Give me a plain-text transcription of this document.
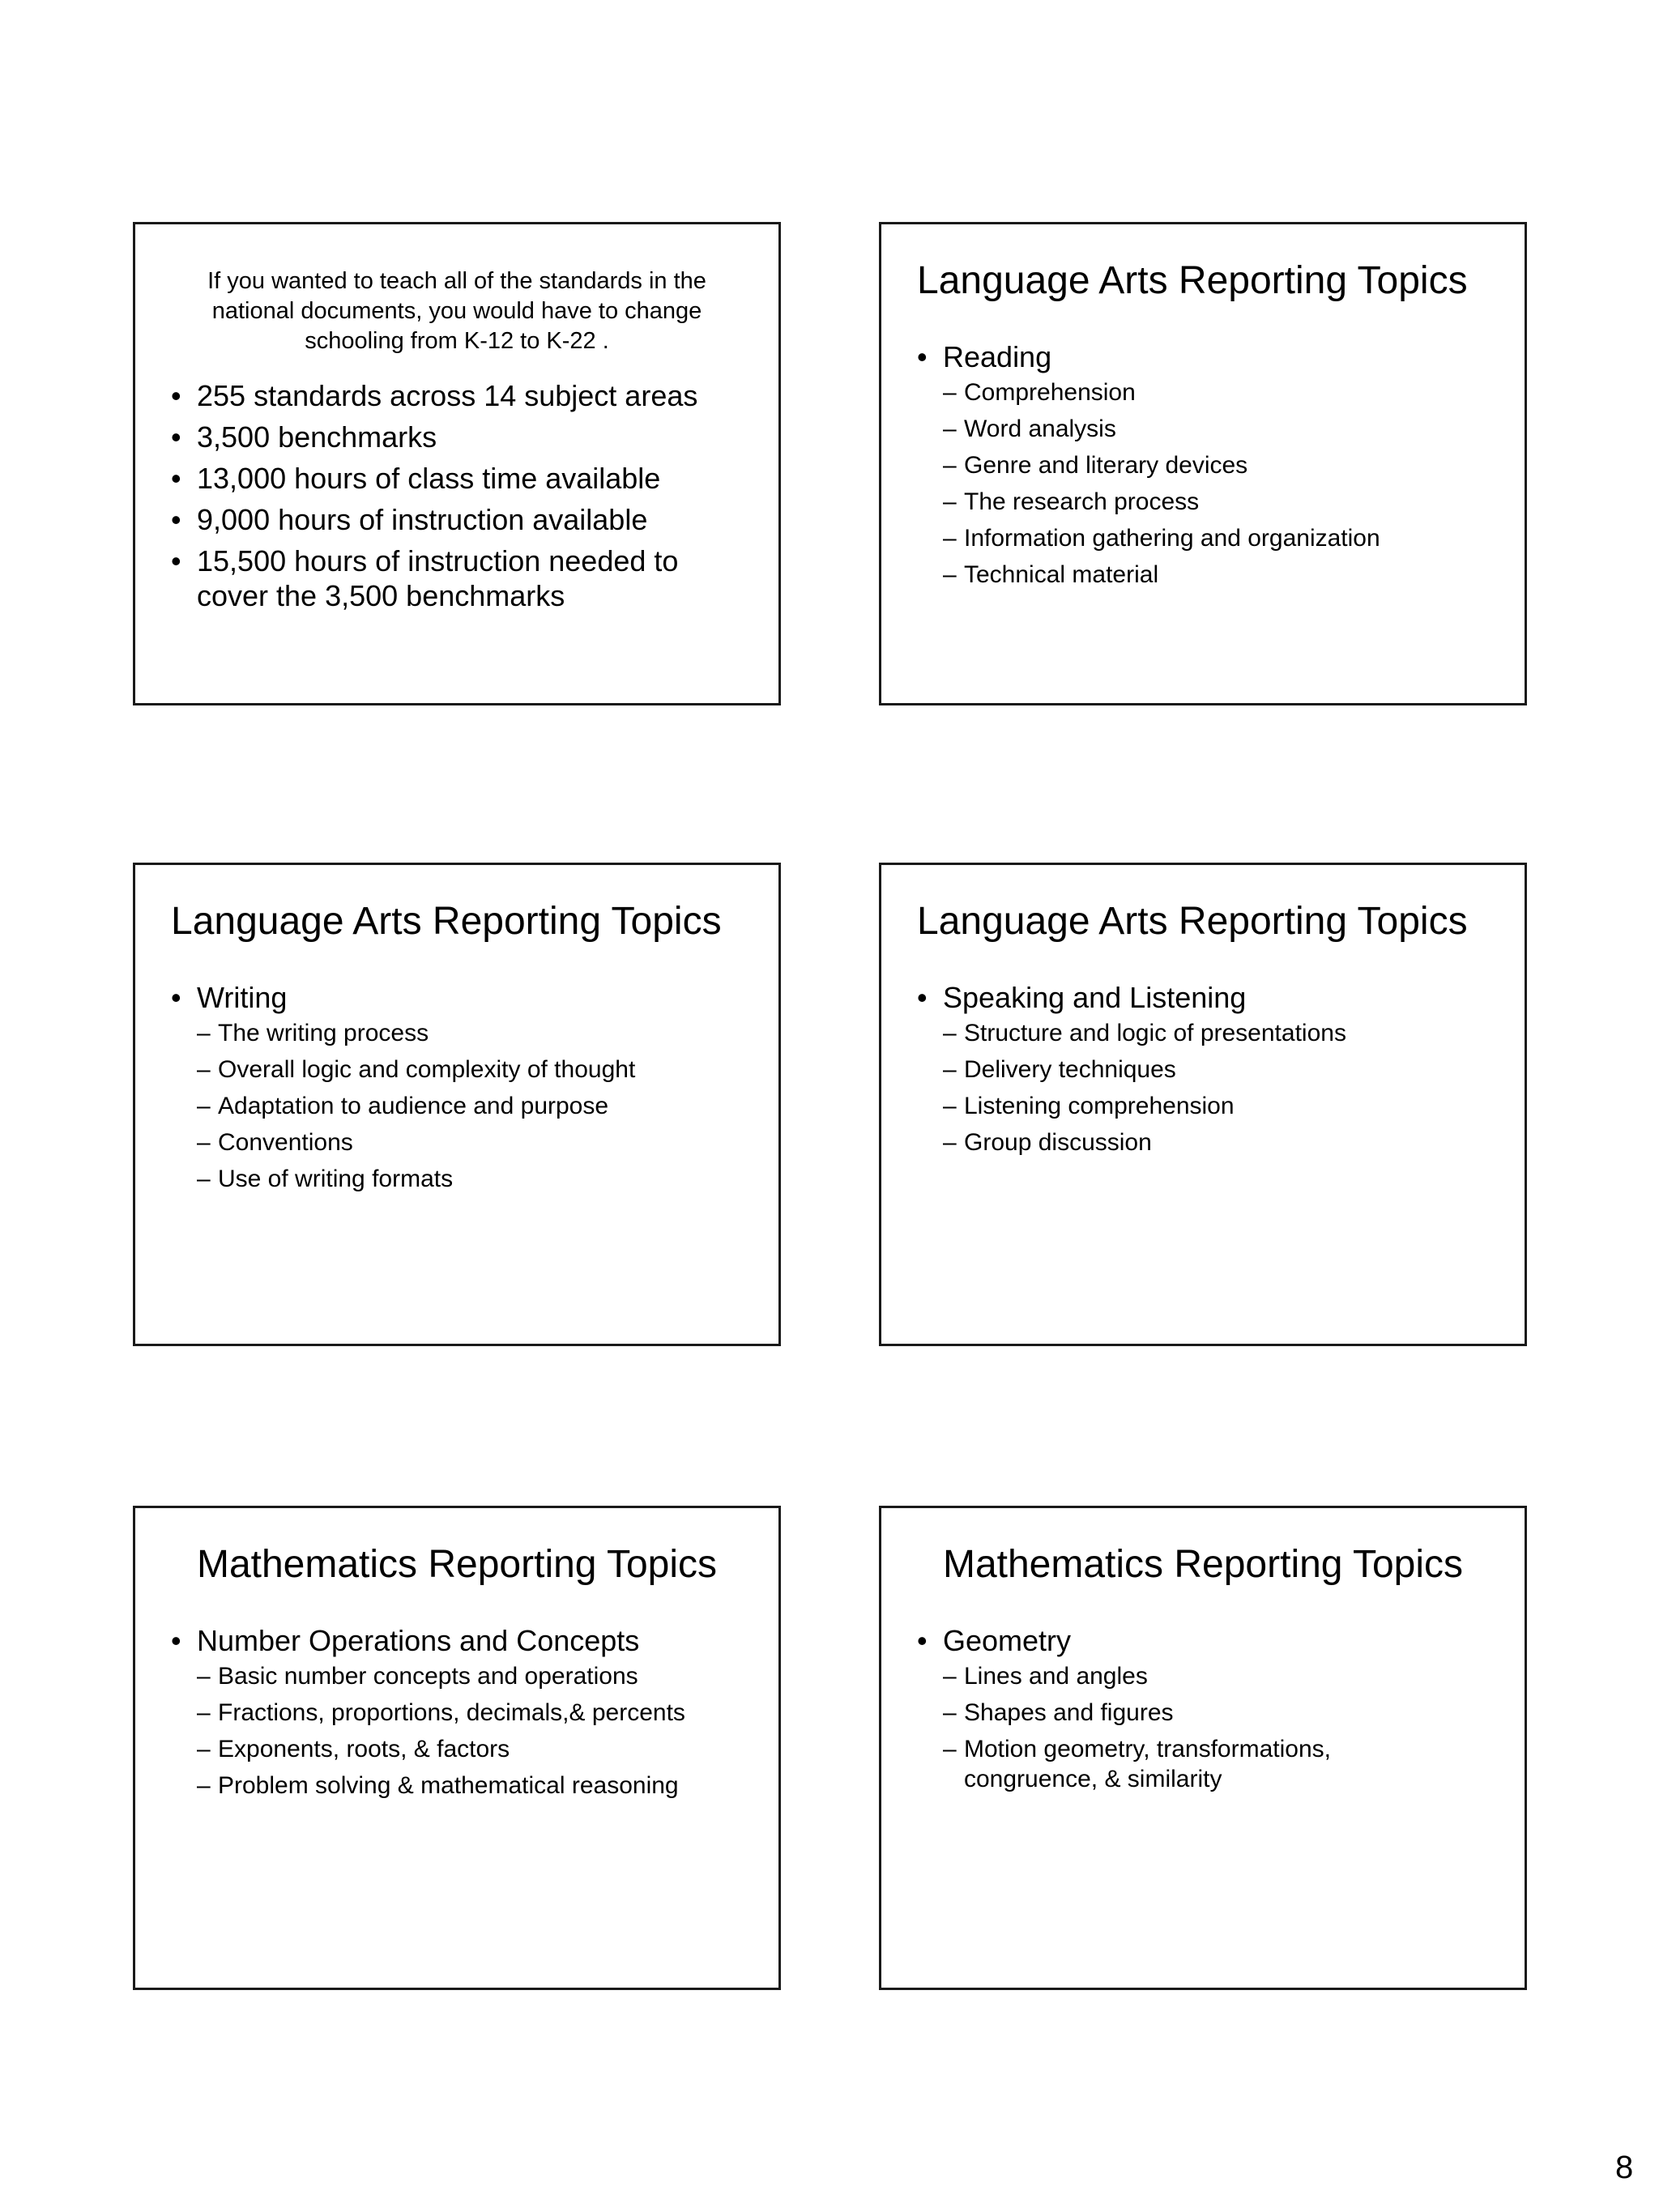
If you wanted to teach all of the standards in the national documents, you would have to change schooling from K-12 to K-22 .

• 255 standards across 14 subject areas
• 3,500 benchmarks
• 13,000 hours of class time available
• 9,000 hours of instruction available
• 15,500 hours of instruction needed to cover the 3,500 benchmarks
Language Arts Reporting Topics
• Reading
– Comprehension
– Word analysis
– Genre and literary devices
– The research process
– Information gathering and organization
– Technical material
Language Arts Reporting Topics
• Writing
– The writing process
– Overall logic and complexity of thought
– Adaptation to audience and purpose
– Conventions
– Use of writing formats
Language Arts Reporting Topics
• Speaking and Listening
– Structure and logic of presentations
– Delivery techniques
– Listening comprehension
– Group discussion
Mathematics Reporting Topics
• Number Operations and Concepts
– Basic number concepts and operations
– Fractions, proportions, decimals,& percents
– Exponents, roots, & factors
– Problem solving & mathematical reasoning
Mathematics Reporting Topics
• Geometry
– Lines and angles
– Shapes and figures
– Motion geometry, transformations, congruence, & similarity
8
